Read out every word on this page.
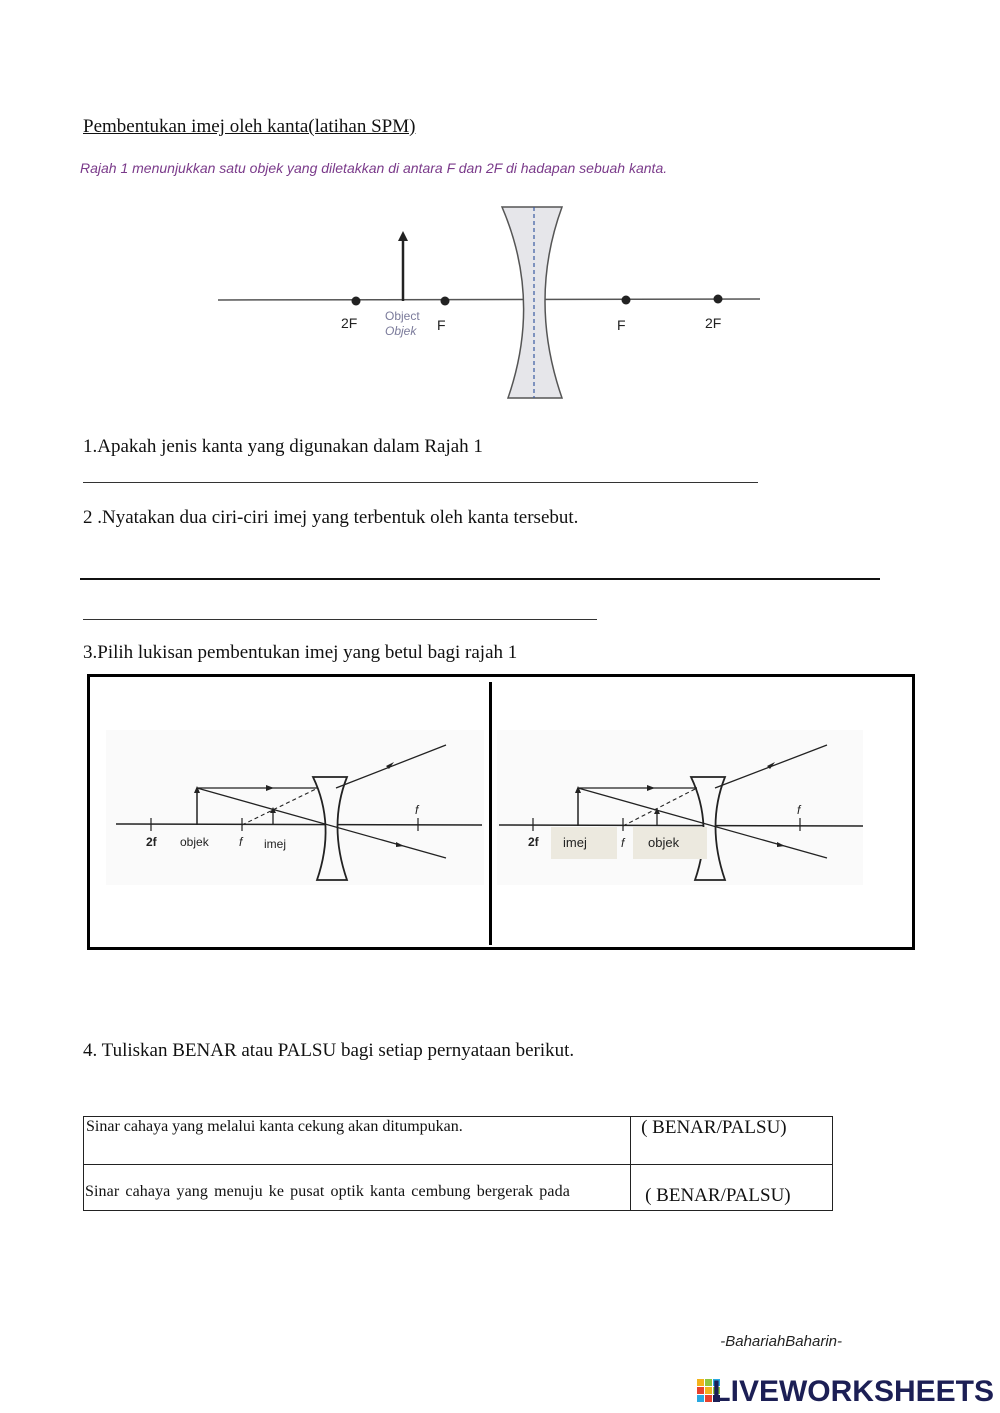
Pembentukan imej oleh kanta(latihan SPM)
Rajah 1 menunjukkan satu objek yang diletakkan di antara F dan 2F di hadapan sebuah kanta.
2F Object
Objek F	F	2F
1.Apakah jenis kanta yang digunakan dalam Rajah 1
2 .Nyatakan dua ciri-ciri imej yang terbentuk oleh kanta tersebut.
3.Pilih lukisan pembentukan imej yang betul bagi rajah 1
2f objek	f imej
f
2f imej	f objek
f
4. Tuliskan BENAR atau PALSU bagi setiap pernyataan berikut.
Sinar cahaya yang melalui kanta cekung akan ditumpukan.	( BENAR/PALSU)
Sinar cahaya yang menuju ke pusat optik kanta cembung bergerak pada	( BENAR/PALSU)
-BahariahBaharin-
LIVEWORKSHEETS
